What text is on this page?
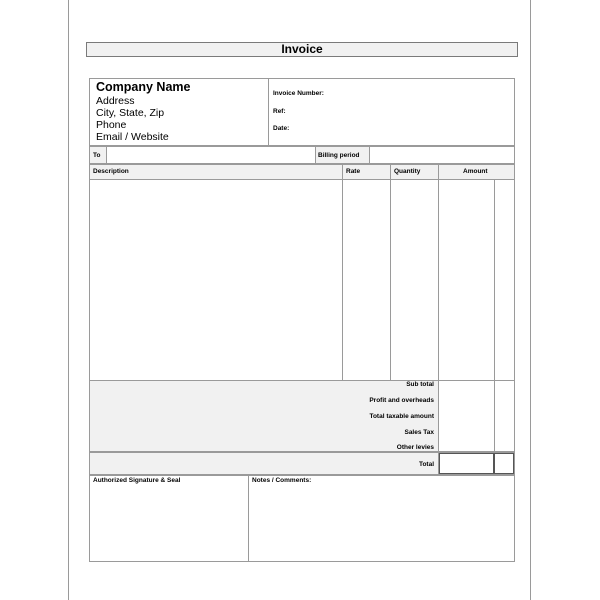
Invoice
Company Name
Address
City, State, Zip
Phone
Email / Website
Invoice Number:
Ref:
Date:
To	Billing period
Description	Rate	Quantity	Amount
Sub total
Profit and overheads
Total taxable amount
Sales Tax
Other levies
Total
Authorized Signature & Seal	Notes / Comments:
